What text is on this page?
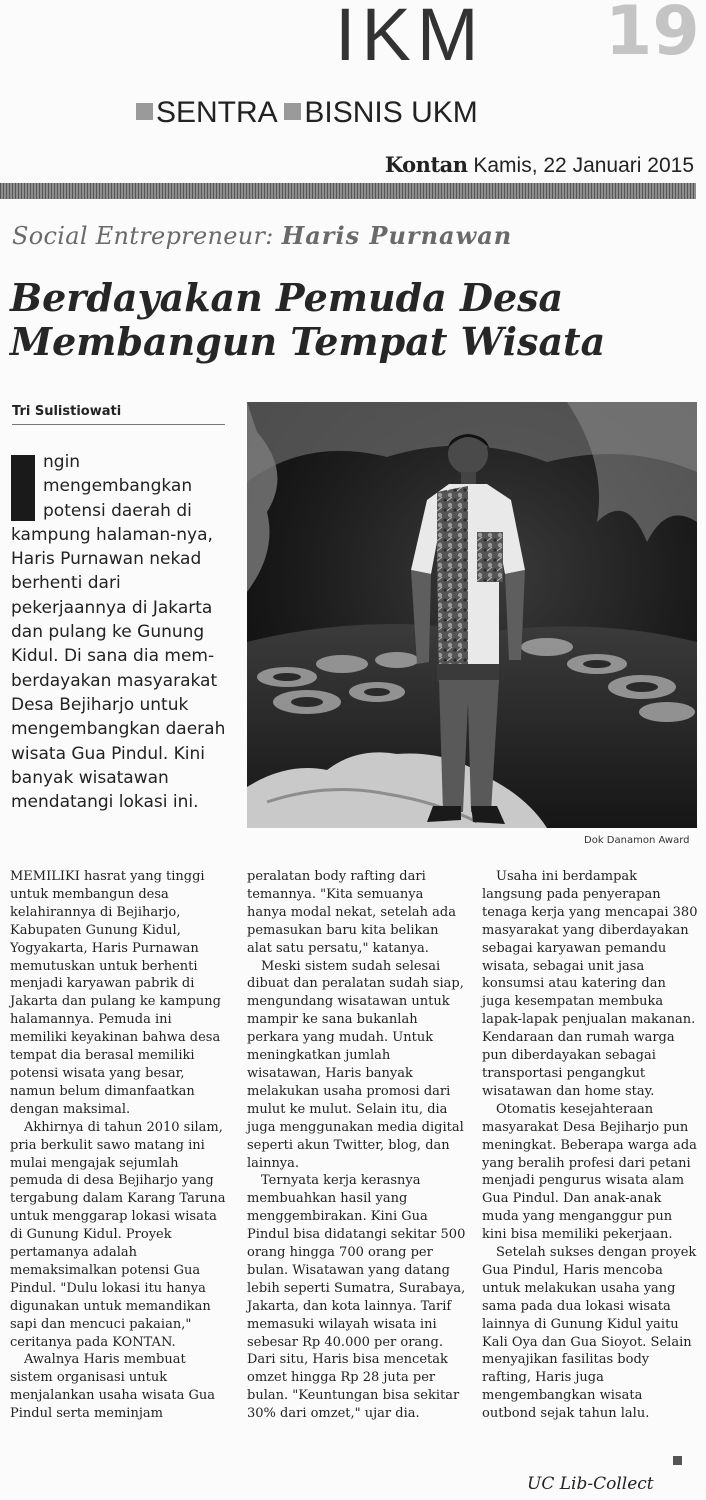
IKM 19
SENTRA BISNIS UKM
Kontan Kamis, 22 Januari 2015
Social Entrepreneur: Haris Purnawan
Berdayakan Pemuda Desa
Membangun Tempat Wisata
Tri Sulistiowati
ngin mengembangkan potensi daerah di kampung halaman-nya, Haris Purnawan nekad berhenti dari pekerjaannya di Jakarta dan pulang ke Gunung Kidul. Di sana dia mem-berdayakan masyarakat Desa Bejiharjo untuk mengembangkan daerah wisata Gua Pindul. Kini banyak wisatawan mendatangi lokasi ini.
Dok Danamon Award

MEMILIKI hasrat yang tinggi untuk membangun desa kelahirannya di Bejiharjo, Kabupaten Gunung Kidul, Yogyakarta, Haris Purnawan memutuskan untuk berhenti menjadi karyawan pabrik di Jakarta dan pulang ke kampung halamannya. Pemuda ini memiliki keyakinan bahwa desa tempat dia berasal memiliki potensi wisata yang besar, namun belum dimanfaatkan dengan maksimal.

Akhirnya di tahun 2010 silam, pria berkulit sawo matang ini mulai mengajak sejumlah pemuda di desa Bejiharjo yang tergabung dalam Karang Taruna untuk menggarap lokasi wisata di Gunung Kidul. Proyek pertamanya adalah memaksimalkan potensi Gua Pindul. "Dulu lokasi itu hanya digunakan untuk memandikan sapi dan mencuci pakaian," ceritanya pada KONTAN.

Awalnya Haris membuat sistem organisasi untuk menjalankan usaha wisata Gua Pindul serta meminjam

peralatan body rafting dari temannya. "Kita semuanya hanya modal nekat, setelah ada pemasukan baru kita belikan alat satu persatu," katanya.

Meski sistem sudah selesai dibuat dan peralatan sudah siap, mengundang wisatawan untuk mampir ke sana bukanlah perkara yang mudah. Untuk meningkatkan jumlah wisatawan, Haris banyak melakukan usaha promosi dari mulut ke mulut. Selain itu, dia juga menggunakan media digital seperti akun Twitter, blog, dan lainnya.

Ternyata kerja kerasnya membuahkan hasil yang menggembirakan. Kini Gua Pindul bisa didatangi sekitar 500 orang hingga 700 orang per bulan. Wisatawan yang datang lebih seperti Sumatra, Surabaya, Jakarta, dan kota lainnya. Tarif memasuki wilayah wisata ini sebesar Rp 40.000 per orang. Dari situ, Haris bisa mencetak omzet hingga Rp 28 juta per bulan. "Keuntungan bisa sekitar 30% dari omzet," ujar dia.

Usaha ini berdampak langsung pada penyerapan tenaga kerja yang mencapai 380 masyarakat yang diberdayakan sebagai karyawan pemandu wisata, sebagai unit jasa konsumsi atau katering dan juga kesempatan membuka lapak-lapak penjualan makanan. Kendaraan dan rumah warga pun diberdayakan sebagai transportasi pengangkut wisatawan dan home stay.

Otomatis kesejahteraan masyarakat Desa Bejiharjo pun meningkat. Beberapa warga ada yang beralih profesi dari petani menjadi pengurus wisata alam Gua Pindul. Dan anak-anak muda yang menganggur pun kini bisa memiliki pekerjaan.

Setelah sukses dengan proyek Gua Pindul, Haris mencoba untuk melakukan usaha yang sama pada dua lokasi wisata lainnya di Gunung Kidul yaitu Kali Oya dan Gua Sioyot. Selain menyajikan fasilitas body rafting, Haris juga mengembangkan wisata outbond sejak tahun lalu.

UC Lib-Collect
